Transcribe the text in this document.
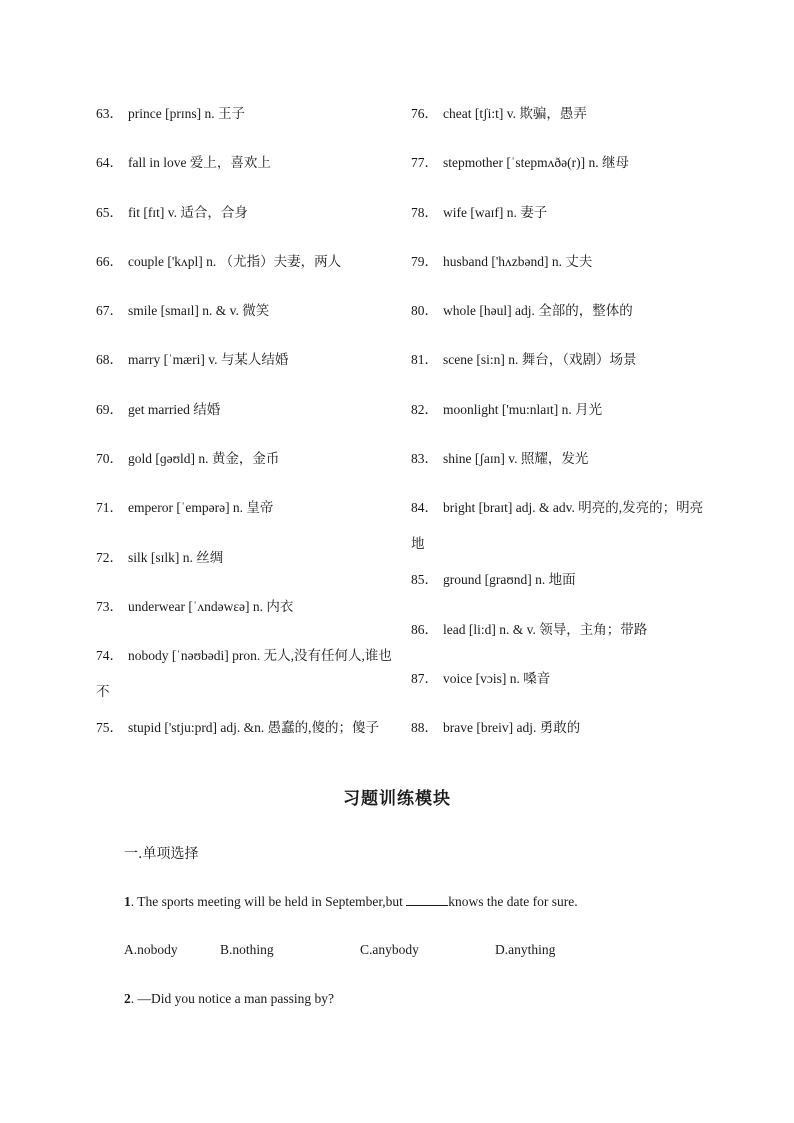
63． prince [prɪns] n. 王子
64． fall in love 爱上，喜欢上
65． fit [fɪt] v. 适合，合身
66． couple ['kʌpl] n. （尤指）夫妻，两人
67． smile [smaɪl] n. & v. 微笑
68． marry [ˈmæri] v. 与某人结婚
69． get married 结婚
70． gold [ɡəʊld] n. 黄金，金币
71． emperor [ˈempərə] n. 皇帝
72． silk [sɪlk] n. 丝绸
73． underwear [ˈʌndəwɛə] n. 内衣
74． nobody [ˈnəʊbədi] pron. 无人,没有任何人,谁也不
75． stupid ['stju:prd] adj. &n. 愚蠢的,傻的；傻子
76． cheat [tʃi:t] v. 欺骗，愚弄
77． stepmother [ˈstepmʌðə(r)] n. 继母
78． wife [waɪf] n. 妻子
79． husband ['hʌzbənd] n. 丈夫
80． whole [həul] adj. 全部的，整体的
81． scene [si:n] n. 舞台，（戏剧）场景
82． moonlight ['mu:nlaɪt] n. 月光
83． shine [ʃaɪn] v. 照耀，发光
84． bright [braɪt] adj. & adv. 明亮的,发亮的；明亮地
85． ground [graʊnd] n. 地面
86． lead [li:d] n. & v. 领导，主角；带路
87． voice [vɔis] n. 嗓音
88． brave [breiv] adj. 勇敢的
习题训练模块
一.单项选择
1. The sports meeting will be held in September,but	knows the date for sure.
A.nobody	B.nothing	C.anybody	D.anything
2. —Did you notice a man passing by?
